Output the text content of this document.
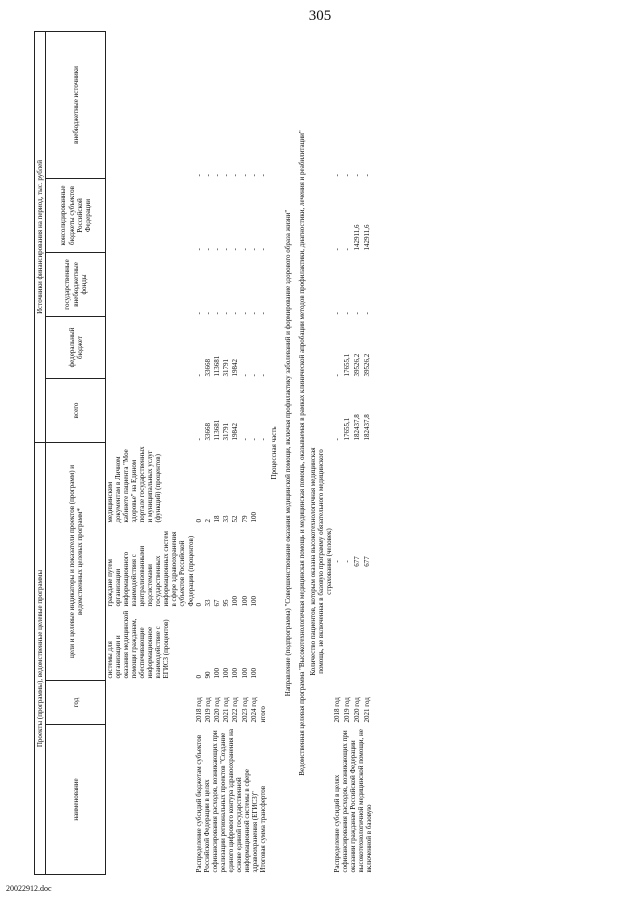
305
Проекты (программы), ведомственные целевые программы					Источники финансирования на период, тыс. рублей				
наименование	год	цели и целевые индикаторы и показатели проектов (программ) и ведомственных целевых программ*			всего	федеральный бюджет	государственные внебюджетные фонды	консолидированные бюджеты субъектов Российской Федерации	внебюджетные источники
		системы для организации и оказания медицинской помощи гражданам, обеспечивающие информационное взаимодействие с ЕГИСЗ (процентов)	граждане путем организации информационного взаимодействия с централизованными подсистемами государственных информационных систем в сфере здравоохранения субъектов Российской Федерации (процентов)	медицинским документам в Личном кабинете пациента "Мое здоровье" на Едином портале государственных и муниципальных услуг (функций) (процентов)					
Распределение субсидий бюджетам субъектов Российской Федерации в целях софинансирования расходов, возникающих при реализации региональных проектов "Создание единого цифрового контура здравоохранения на основе единой государственной информационной системы в сфере здравоохранения (ЕГИСЗ)"	2018 год	0	0	0	-	-	-	-	-
	2019 год	90	33	2	33668	33668	-	-	-
	2020 год	100	67	18	113681	113681	-	-	-
	2021 год	100	95	33	31791	31791	-	-	-
	2022 год	100	100	52	19842	19842	-	-	-
	2023 год	100	100	79	-	-	-	-	-
	2024 год	100	100	100	-	-	-	-	-
Итоговая сумма трансфертов	итого				-	-	-	-	-
Процессная часть									
Направление (подпрограмма) "Совершенствование оказания медицинской помощи, включая профилактику заболеваний и формирование здорового образа жизни"									
Ведомственная целевая программа "Высокотехнологичная медицинская помощь и медицинская помощь, оказываемая в рамках клинической апробации методов профилактики, диагностики, лечения и реабилитации"									
		Количество пациентов, которым оказана высокотехнологичная медицинская помощь, не включенная в базовую программу обязательного медицинского страхования (человек)							
Распределение субсидий в целях софинансирования расходов, возникающих при оказании гражданам Российской Федерации высокотехнологичной медицинской помощи, не включенной в базовую	2018 год	-			-	-	-	-	-
	2019 год	-			17655,1	17655,1	-	-	-
	2020 год	677			182437,8	39526,2	-	142911,6	-
	2021 год	677			182437,8	39526,2	-	142911,6	-
20022912.doc
